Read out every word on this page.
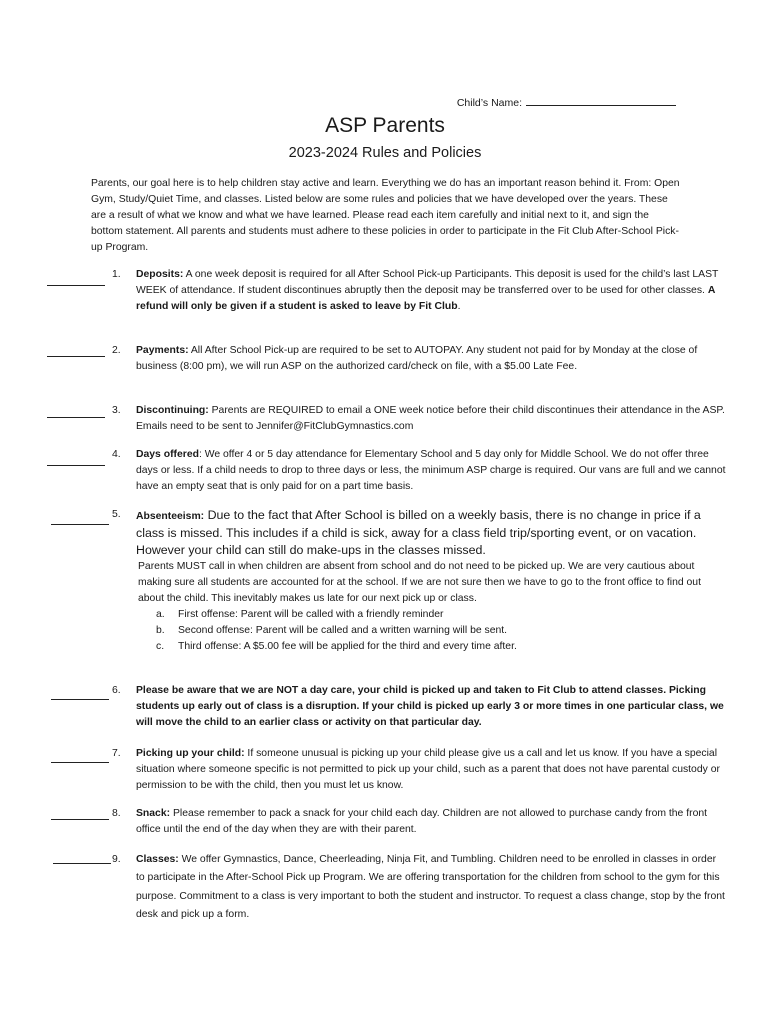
Child’s Name:
ASP Parents
2023-2024 Rules and Policies
Parents, our goal here is to help children stay active and learn. Everything we do has an important reason behind it. From: Open Gym, Study/Quiet Time, and classes. Listed below are some rules and policies that we have developed over the years. These are a result of what we know and what we have learned. Please read each item carefully and initial next to it, and sign the bottom statement. All parents and students must adhere to these policies in order to participate in the Fit Club After-School Pick-up Program.
1. Deposits: A one week deposit is required for all After School Pick-up Participants. This deposit is used for the child’s last LAST WEEK of attendance. If student discontinues abruptly then the deposit may be transferred over to be used for other classes. A refund will only be given if a student is asked to leave by Fit Club.
2. Payments: All After School Pick-up are required to be set to AUTOPAY. Any student not paid for by Monday at the close of business (8:00 pm), we will run ASP on the authorized card/check on file, with a $5.00 Late Fee.
3. Discontinuing: Parents are REQUIRED to email a ONE week notice before their child discontinues their attendance in the ASP. Emails need to be sent to Jennifer@FitClubGymnastics.com
4. Days offered: We offer 4 or 5 day attendance for Elementary School and 5 day only for Middle School. We do not offer three days or less. If a child needs to drop to three days or less, the minimum ASP charge is required. Our vans are full and we cannot have an empty seat that is only paid for on a part time basis.
5. Absenteeism: Due to the fact that After School is billed on a weekly basis, there is no change in price if a class is missed. This includes if a child is sick, away for a class field trip/sporting event, or on vacation. However your child can still do make-ups in the classes missed.
Parents MUST call in when children are absent from school and do not need to be picked up. We are very cautious about making sure all students are accounted for at the school. If we are not sure then we have to go to the front office to find out about the child. This inevitably makes us late for our next pick up or class.
a. First offense: Parent will be called with a friendly reminder
b. Second offense: Parent will be called and a written warning will be sent.
c. Third offense: A $5.00 fee will be applied for the third and every time after.
6. Please be aware that we are NOT a day care, your child is picked up and taken to Fit Club to attend classes. Picking students up early out of class is a disruption. If your child is picked up early 3 or more times in one particular class, we will move the child to an earlier class or activity on that particular day.
7. Picking up your child: If someone unusual is picking up your child please give us a call and let us know. If you have a special situation where someone specific is not permitted to pick up your child, such as a parent that does not have parental custody or permission to be with the child, then you must let us know.
8. Snack: Please remember to pack a snack for your child each day. Children are not allowed to purchase candy from the front office until the end of the day when they are with their parent.
9. Classes: We offer Gymnastics, Dance, Cheerleading, Ninja Fit, and Tumbling. Children need to be enrolled in classes in order to participate in the After-School Pick up Program. We are offering transportation for the children from school to the gym for this purpose. Commitment to a class is very important to both the student and instructor. To request a class change, stop by the front desk and pick up a form.
